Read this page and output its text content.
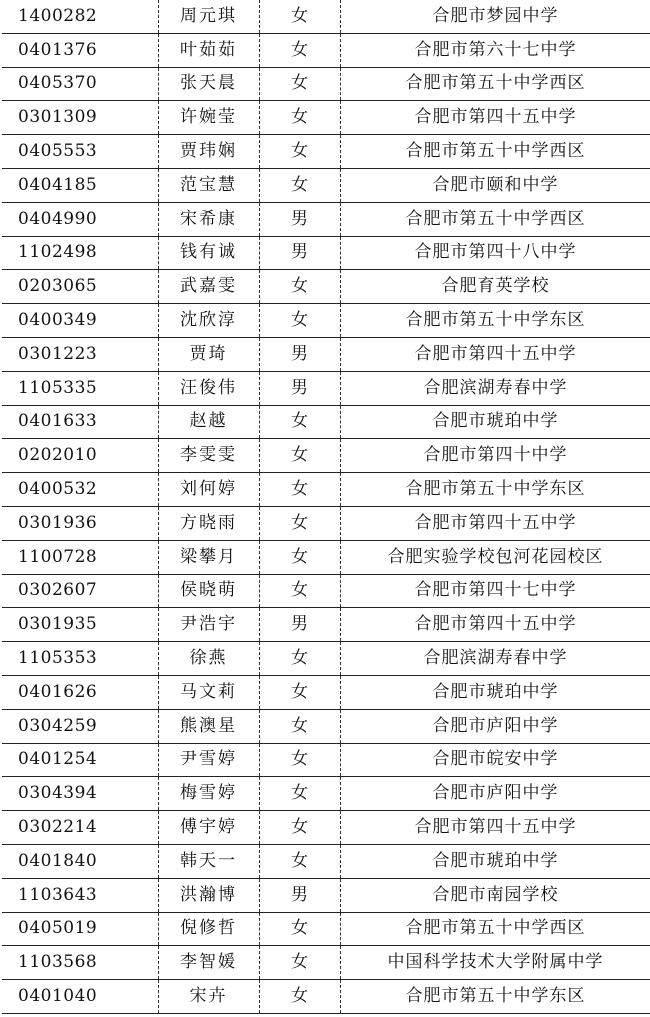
1400282	周元琪	女	合肥市梦园中学
0401376	叶茹茹	女	合肥市第六十七中学
0405370	张天晨	女	合肥市第五十中学西区
0301309	许婉莹	女	合肥市第四十五中学
0405553	贾玮娴	女	合肥市第五十中学西区
0404185	范宝慧	女	合肥市颐和中学
0404990	宋希康	男	合肥市第五十中学西区
1102498	钱有诚	男	合肥市第四十八中学
0203065	武嘉雯	女	合肥育英学校
0400349	沈欣淳	女	合肥市第五十中学东区
0301223	贾琦	男	合肥市第四十五中学
1105335	汪俊伟	男	合肥滨湖寿春中学
0401633	赵越	女	合肥市琥珀中学
0202010	李雯雯	女	合肥市第四十中学
0400532	刘何婷	女	合肥市第五十中学东区
0301936	方晓雨	女	合肥市第四十五中学
1100728	梁攀月	女	合肥实验学校包河花园校区
0302607	侯晓萌	女	合肥市第四十七中学
0301935	尹浩宇	男	合肥市第四十五中学
1105353	徐燕	女	合肥滨湖寿春中学
0401626	马文莉	女	合肥市琥珀中学
0304259	熊澳星	女	合肥市庐阳中学
0401254	尹雪婷	女	合肥市皖安中学
0304394	梅雪婷	女	合肥市庐阳中学
0302214	傅宇婷	女	合肥市第四十五中学
0401840	韩天一	女	合肥市琥珀中学
1103643	洪瀚博	男	合肥市南园学校
0405019	倪修哲	女	合肥市第五十中学西区
1103568	李智媛	女	中国科学技术大学附属中学
0401040	宋卉	女	合肥市第五十中学东区
